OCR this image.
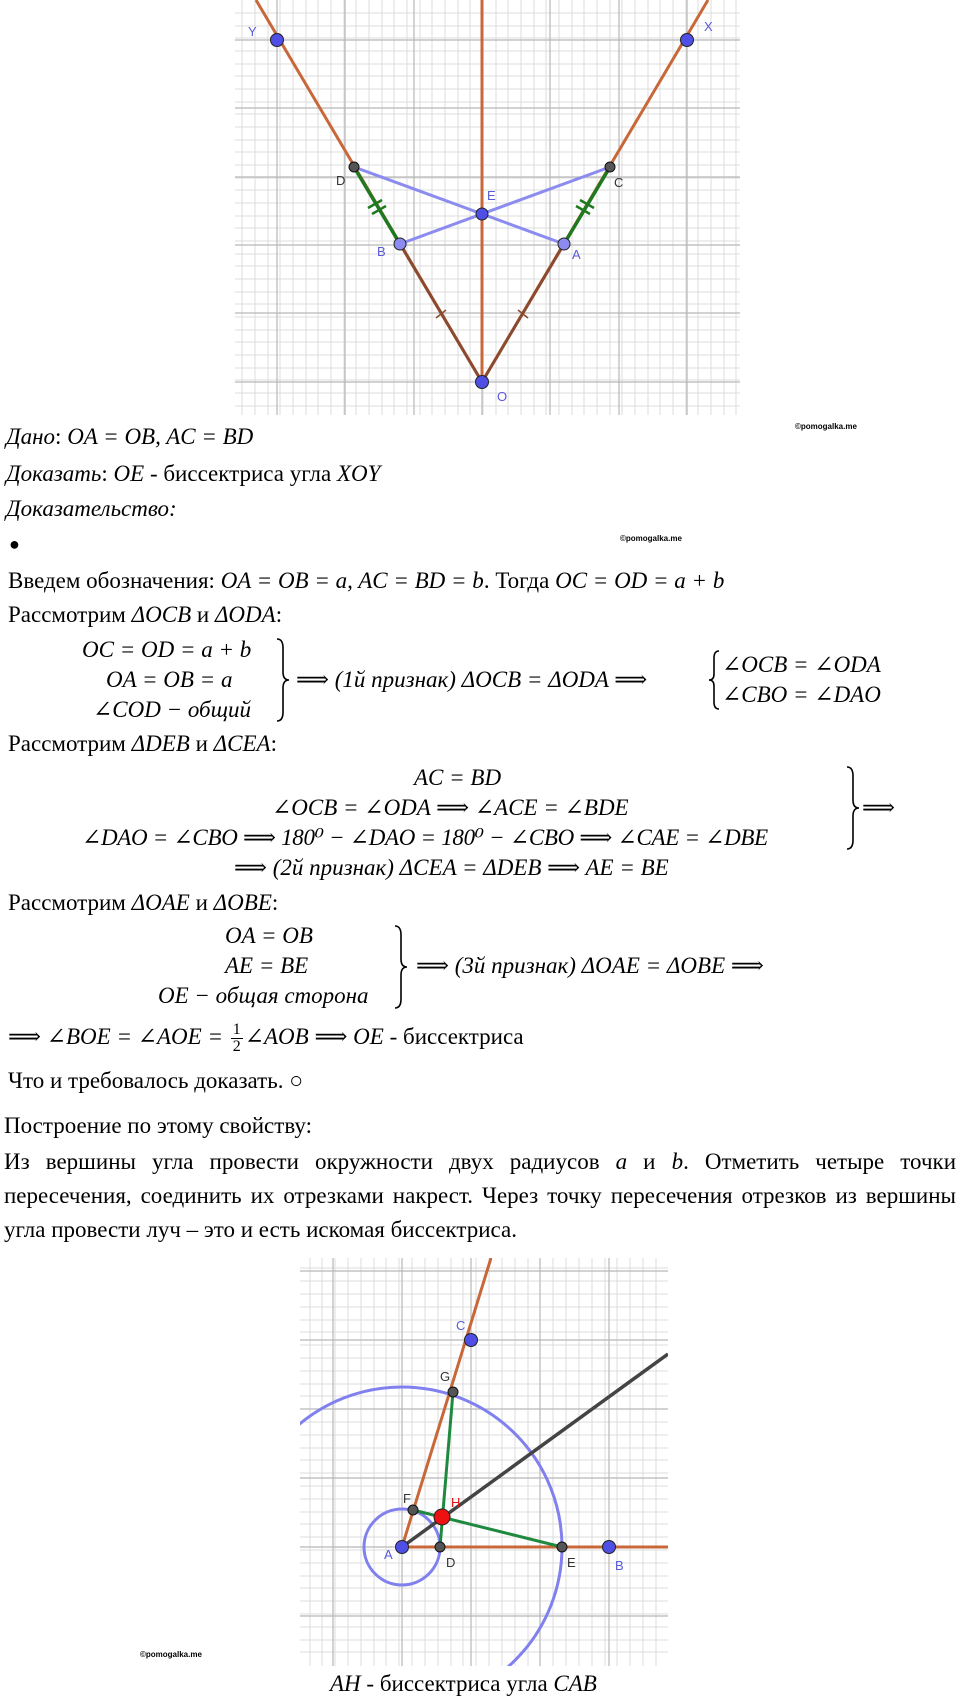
Y	X
D	C
E
B	A
O
©pomogalka.me
Дано: OA = OB, AC = BD
Доказать: OE - биссектриса угла XOY
Доказательство:
●	©pomogalka.me
Введем обозначения: OA = OB = a, AC = BD = b. Тогда OC = OD = a + b
Рассмотрим ΔOCB и ΔODA:
OC = OD = a + b
OA = OB = a
∠COD − общий
⟹ (1й признак) ΔOCB = ΔODA ⟹
∠OCB = ∠ODA
∠CBO = ∠DAO
Рассмотрим ΔDEB и ΔCEA:
AC = BD
∠OCB = ∠ODA ⟹ ∠ACE = ∠BDE
∠DAO = ∠CBO ⟹ 180⁰ − ∠DAO = 180⁰ − ∠CBO ⟹ ∠CAE = ∠DBE
⟹
⟹ (2й признак) ΔCEA = ΔDEB ⟹ AE = BE
Рассмотрим ΔOAE и ΔOBE:
OA = OB
AE = BE
OE − общая сторона
⟹ (3й признак) ΔOAE = ΔOBE ⟹
⟹ ∠BOE = ∠AOE = $\frac{1}{2}$ ∠AOB ⟹ OE - биссектриса
Что и требовалось доказать. ○
Построение по этому свойству:
Из вершины угла провести окружности двух радиусов a и b. Отметить четыре точки пересечения, соединить их отрезками накрест. Через точку пересечения отрезков из вершины угла провести луч – это и есть искомая биссектриса.
C
G
F	H
A
D	E	B
©pomogalka.me
AH - биссектриса угла CAB
